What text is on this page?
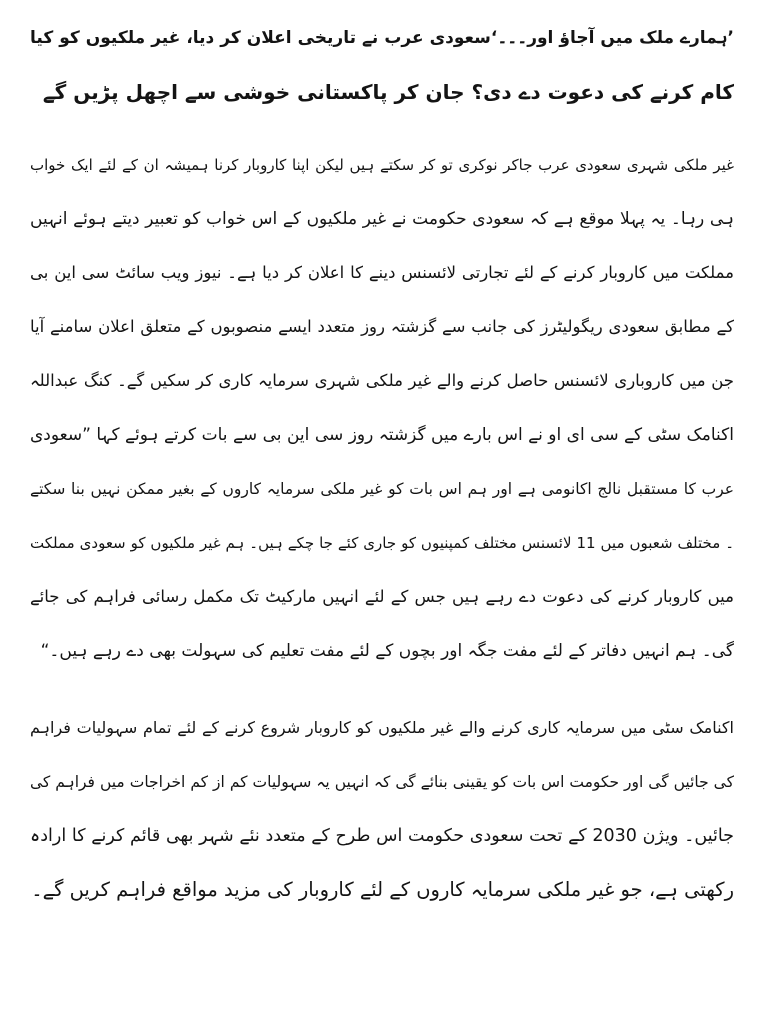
’ہمارے ملک میں آجاؤ اور۔۔۔‘سعودی عرب نے تاریخی اعلان کر دیا، غیر ملکیوں کو کیا

کام کرنے کی دعوت دے دی؟ جان کر پاکستانی خوشی سے اچھل پڑیں گے

غیر ملکی شہری سعودی عرب جاکر نوکری تو کر سکتے ہیں لیکن اپنا کاروبار کرنا ہمیشہ ان کے لئے ایک خواب

ہی رہا۔ یہ پہلا موقع ہے کہ سعودی حکومت نے غیر ملکیوں کے اس خواب کو تعبیر دیتے ہوئے انہیں

مملکت میں کاروبار کرنے کے لئے تجارتی لائسنس دینے کا اعلان کر دیا ہے۔ نیوز ویب سائٹ سی این بی

کے مطابق سعودی ریگولیٹرز کی جانب سے گزشتہ روز متعدد ایسے منصوبوں کے متعلق اعلان سامنے آیا

جن میں کاروباری لائسنس حاصل کرنے والے غیر ملکی شہری سرمایہ کاری کر سکیں گے۔ کنگ عبداللہ

اکنامک سٹی کے سی ای او نے اس بارے میں گزشتہ روز سی این بی سے بات کرتے ہوئے کہا ”سعودی

عرب کا مستقبل نالج اکانومی ہے اور ہم اس بات کو غیر ملکی سرمایہ کاروں کے بغیر ممکن نہیں بنا سکتے

۔ مختلف شعبوں میں 11 لائسنس مختلف کمپنیوں کو جاری کئے جا چکے ہیں۔ ہم غیر ملکیوں کو سعودی مملکت

میں کاروبار کرنے کی دعوت دے رہے ہیں جس کے لئے انہیں مارکیٹ تک مکمل رسائی فراہم کی جائے

گی۔ ہم انہیں دفاتر کے لئے مفت جگہ اور بچوں کے لئے مفت تعلیم کی سہولت بھی دے رہے ہیں۔“

اکنامک سٹی میں سرمایہ کاری کرنے والے غیر ملکیوں کو کاروبار شروع کرنے کے لئے تمام سہولیات فراہم

کی جائیں گی اور حکومت اس بات کو یقینی بنائے گی کہ انہیں یہ سہولیات کم از کم اخراجات میں فراہم کی

جائیں۔ ویژن 2030 کے تحت سعودی حکومت اس طرح کے متعدد نئے شہر بھی قائم کرنے کا ارادہ

رکھتی ہے، جو غیر ملکی سرمایہ کاروں کے لئے کاروبار کی مزید مواقع فراہم کریں گے۔
